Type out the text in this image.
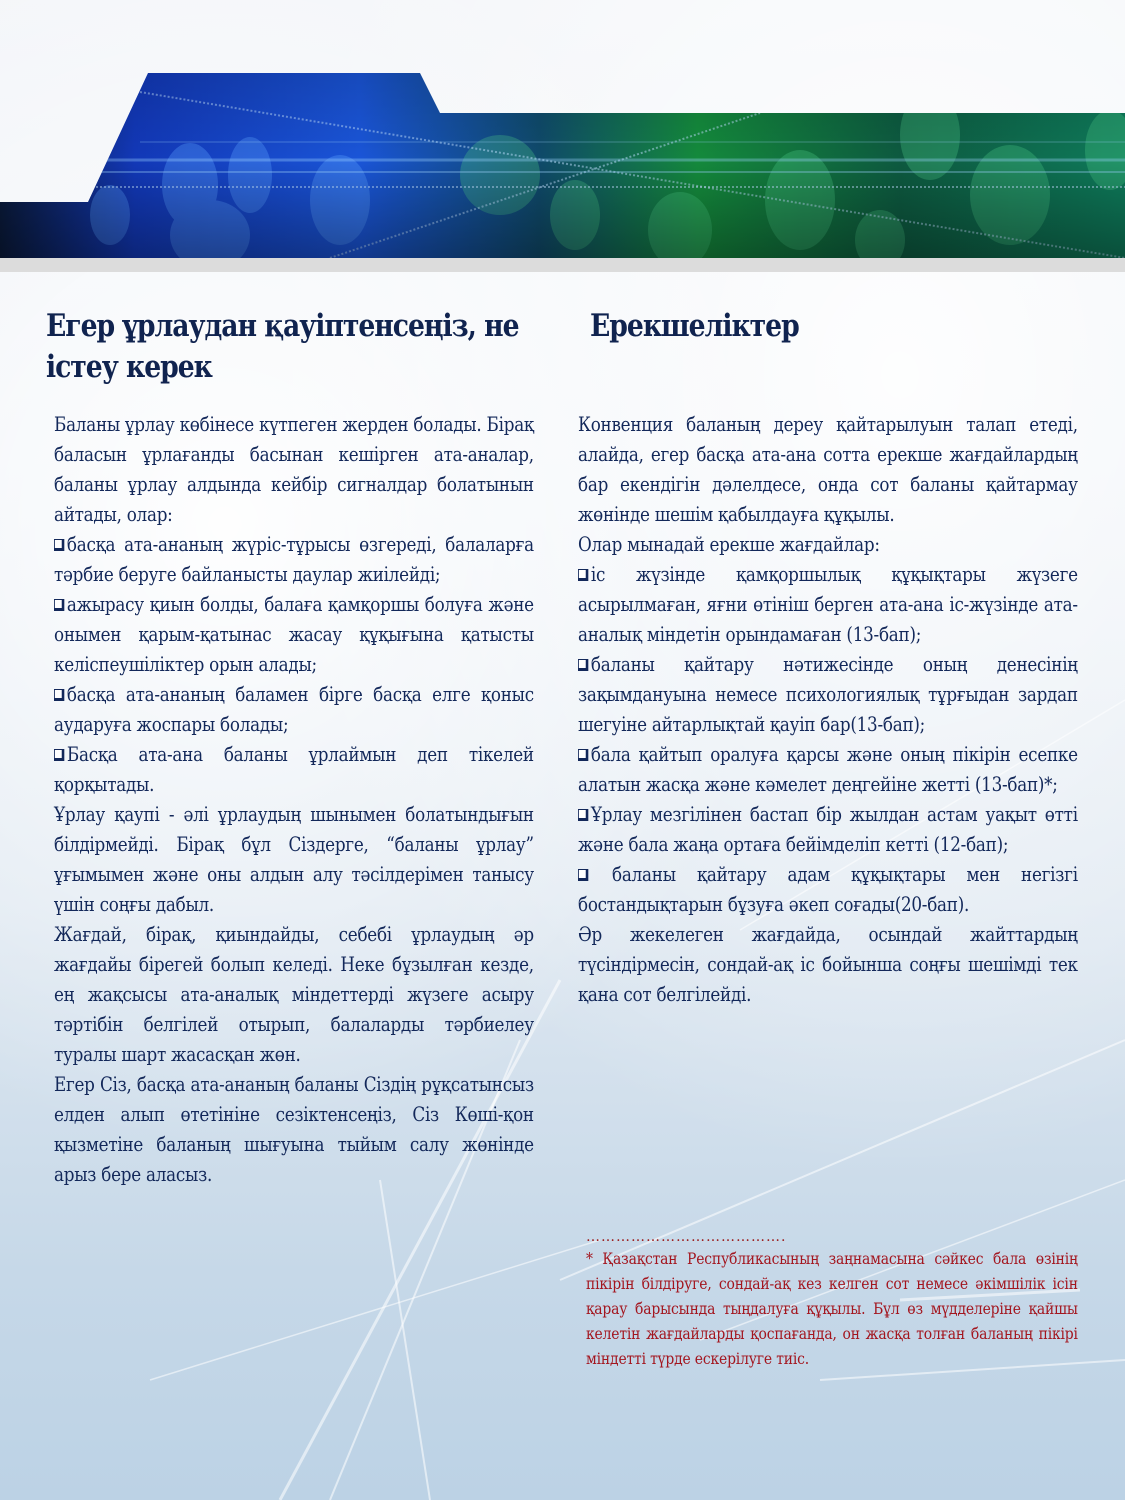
Егер ұрлаудан қауіптенсеңіз, не істеу керек
Ерекшеліктер

Баланы ұрлау көбінесе күтпеген жерден болады. Бірақ баласын ұрлағанды басынан кешірген ата-аналар, баланы ұрлау алдында кейбір сигналдар болатынын айтады, олар:

басқа ата-ананың жүріс-тұрысы өзгереді, балаларға тәрбие беруге байланысты даулар жиілейді;

ажырасу қиын болды, балаға қамқоршы болуға және онымен қарым-қатынас жасау құқығына қатысты келіспеушіліктер орын алады;

басқа ата-ананың баламен бірге басқа елге қоныс аударуға жоспары болады;

Басқа ата-ана баланы ұрлаймын деп тікелей қорқытады.

Ұрлау қаупі - әлі ұрлаудың шынымен болатындығын білдірмейді. Бірақ бұл Сіздерге, “баланы ұрлау” ұғымымен және оны алдын алу тәсілдерімен танысу үшін соңғы дабыл.

Жағдай, бірақ, қиындайды, себебі ұрлаудың әр жағдайы бірегей болып келеді. Неке бұзылған кезде, ең жақсысы ата-аналық міндеттерді жүзеге асыру тәртібін белгілей отырып, балаларды тәрбиелеу туралы шарт жасасқан жөн.

Егер Сіз, басқа ата-ананың баланы Сіздің рұқсатынсыз елден алып өтетініне сезіктенсеңіз, Сіз Көші-қон қызметіне баланың шығуына тыйым салу жөнінде арыз бере аласыз.

Конвенция баланың дереу қайтарылуын талап етеді, алайда, егер басқа ата-ана сотта ерекше жағдайлардың бар екендігін дәлелдесе, онда сот баланы қайтармау жөнінде шешім қабылдауға құқылы.

Олар мынадай ерекше жағдайлар:

іс жүзінде қамқоршылық құқықтары жүзеге асырылмаған, яғни өтініш берген ата-ана іс-жүзінде ата-аналық міндетін орындамаған (13-бап);

баланы қайтару нәтижесінде оның денесінің зақымдануына немесе психологиялық тұрғыдан зардап шегуіне айтарлықтай қауіп бар(13-бап);

бала қайтып оралуға қарсы және оның пікірін есепке алатын жасқа және кәмелет деңгейіне жетті (13-бап)*;

Ұрлау мезгілінен бастап бір жылдан астам уақыт өтті және бала жаңа ортаға бейімделіп кетті (12-бап);

баланы қайтару адам құқықтары мен негізгі бостандықтарын бұзуға әкеп соғады(20-бап).

Әр жекелеген жағдайда, осындай жайттардың түсіндірмесін, сондай-ақ іс бойынша соңғы шешімді тек қана сот белгілейді.

………………………………….

* Қазақстан Республикасының заңнамасына сәйкес бала өзінің пікірін білдіруге, сондай-ақ кез келген сот немесе әкімшілік ісін қарау барысында тыңдалуға құқылы. Бұл өз мүдделеріне қайшы келетін жағдайларды қоспағанда, он жасқа толған баланың пікірі міндетті түрде ескерілуге тиіс.
